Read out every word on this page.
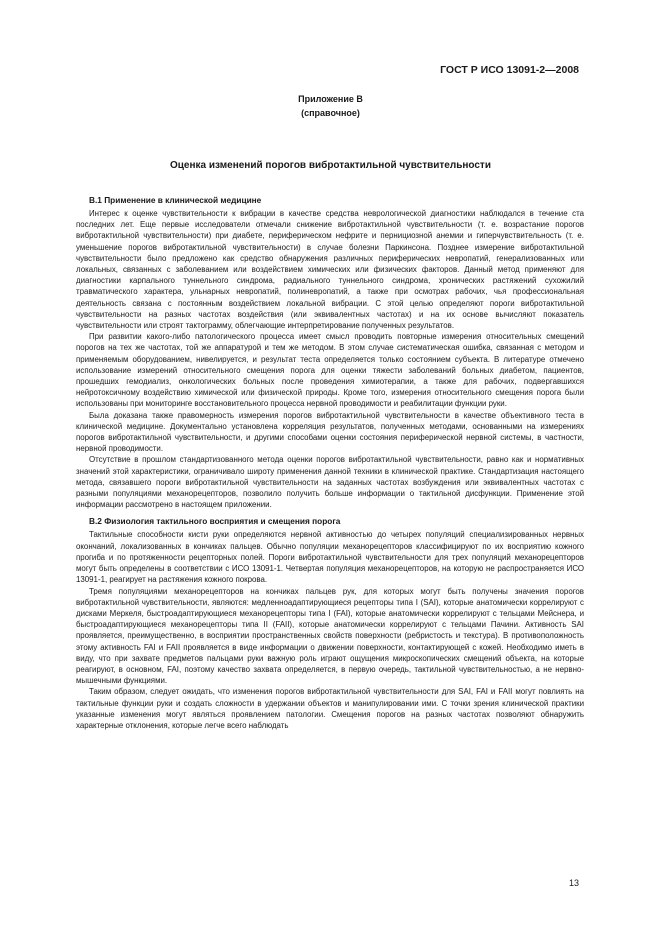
ГОСТ Р ИСО 13091-2—2008
Приложение В
(справочное)
Оценка изменений порогов вибротактильной чувствительности
В.1 Применение в клинической медицине

Интерес к оценке чувствительности к вибрации в качестве средства неврологической диагностики наблюдался в течение ста последних лет. Еще первые исследователи отмечали снижение вибротактильной чувствительности (т. е. возрастание порогов вибротактильной чувствительности) при диабете, периферическом нефрите и пернициозной анемии и гиперчувствительность (т. е. уменьшение порогов вибротактильной чувствительности) в случае болезни Паркинсона. Позднее измерение вибротактильной чувствительности было предложено как средство обнаружения различных периферических невропатий, генерализованных или локальных, связанных с заболеванием или воздействием химических или физических факторов. Данный метод применяют для диагностики карпального туннельного синдрома, радиального туннельного синдрома, хронических растяжений сухожилий травматического характера, ульнарных невропатий, полиневропатий, а также при осмотрах рабочих, чья профессиональная деятельность связана с постоянным воздействием локальной вибрации. С этой целью определяют пороги вибротактильной чувствительности на разных частотах воздействия (или эквивалентных частотах) и на их основе вычисляют показатель чувствительности или строят тактограмму, облегчающие интерпретирование полученных результатов.

При развитии какого-либо патологического процесса имеет смысл проводить повторные измерения относительных смещений порогов на тех же частотах, той же аппаратурой и тем же методом. В этом случае систематическая ошибка, связанная с методом и применяемым оборудованием, нивелируется, и результат теста определяется только состоянием субъекта. В литературе отмечено использование измерений относительного смещения порога для оценки тяжести заболеваний больных диабетом, пациентов, прошедших гемодиализ, онкологических больных после проведения химиотерапии, а также для рабочих, подвергавшихся нейротоксичному воздействию химической или физической природы. Кроме того, измерения относительного смещения порога были использованы при мониторинге восстановительного процесса нервной проводимости и реабилитации функции руки.

Была доказана также правомерность измерения порогов вибротактильной чувствительности в качестве объективного теста в клинической медицине. Документально установлена корреляция результатов, полученных методами, основанными на измерениях порогов вибротактильной чувствительности, и другими способами оценки состояния периферической нервной системы, в частности, нервной проводимости.

Отсутствие в прошлом стандартизованного метода оценки порогов вибротактильной чувствительности, равно как и нормативных значений этой характеристики, ограничивало широту применения данной техники в клинической практике. Стандартизация настоящего метода, связавшего пороги вибротактильной чувствительности на заданных частотах возбуждения или эквивалентных частотах с разными популяциями механорецепторов, позволило получить больше информации о тактильной дисфункции. Применение этой информации рассмотрено в настоящем приложении.

В.2 Физиология тактильного восприятия и смещения порога

Тактильные способности кисти руки определяются нервной активностью до четырех популяций специализированных нервных окончаний, локализованных в кончиках пальцев. Обычно популяции механорецепторов классифицируют по их восприятию кожного прогиба и по протяженности рецепторных полей. Пороги вибротактильной чувствительности для трех популяций механорецепторов могут быть определены в соответствии с ИСО 13091-1. Четвертая популяция механорецепторов, на которую не распространяется ИСО 13091-1, реагирует на растяжения кожного покрова.

Тремя популяциями механорецепторов на кончиках пальцев рук, для которых могут быть получены значения порогов вибротактильной чувствительности, являются: медленноадаптирующиеся рецепторы типа I (SAI), которые анатомически коррелируют с дисками Меркеля, быстроадаптирующиеся механорецепторы типа I (FAI), которые анатомически коррелируют с тельцами Мейснера, и быстроадаптирующиеся механорецепторы типа II (FAII), которые анатомически коррелируют с тельцами Пачини. Активность SAI проявляется, преимущественно, в восприятии пространственных свойств поверхности (ребристость и текстура). В противоположность этому активность FAI и FAII проявляется в виде информации о движении поверхности, контактирующей с кожей. Необходимо иметь в виду, что при захвате предметов пальцами руки важную роль играют ощущения микроскопических смещений объекта, на которые реагируют, в основном, FAI, поэтому качество захвата определяется, в первую очередь, тактильной чувствительностью, а не нервно-мышечными функциями.

Таким образом, следует ожидать, что изменения порогов вибротактильной чувствительности для SAI, FAI и FAII могут повлиять на тактильные функции руки и создать сложности в удержании объектов и манипулировании ими. С точки зрения клинической практики указанные изменения могут являться проявлением патологии. Смещения порогов на разных частотах позволяют обнаружить характерные отклонения, которые легче всего наблюдать

13
